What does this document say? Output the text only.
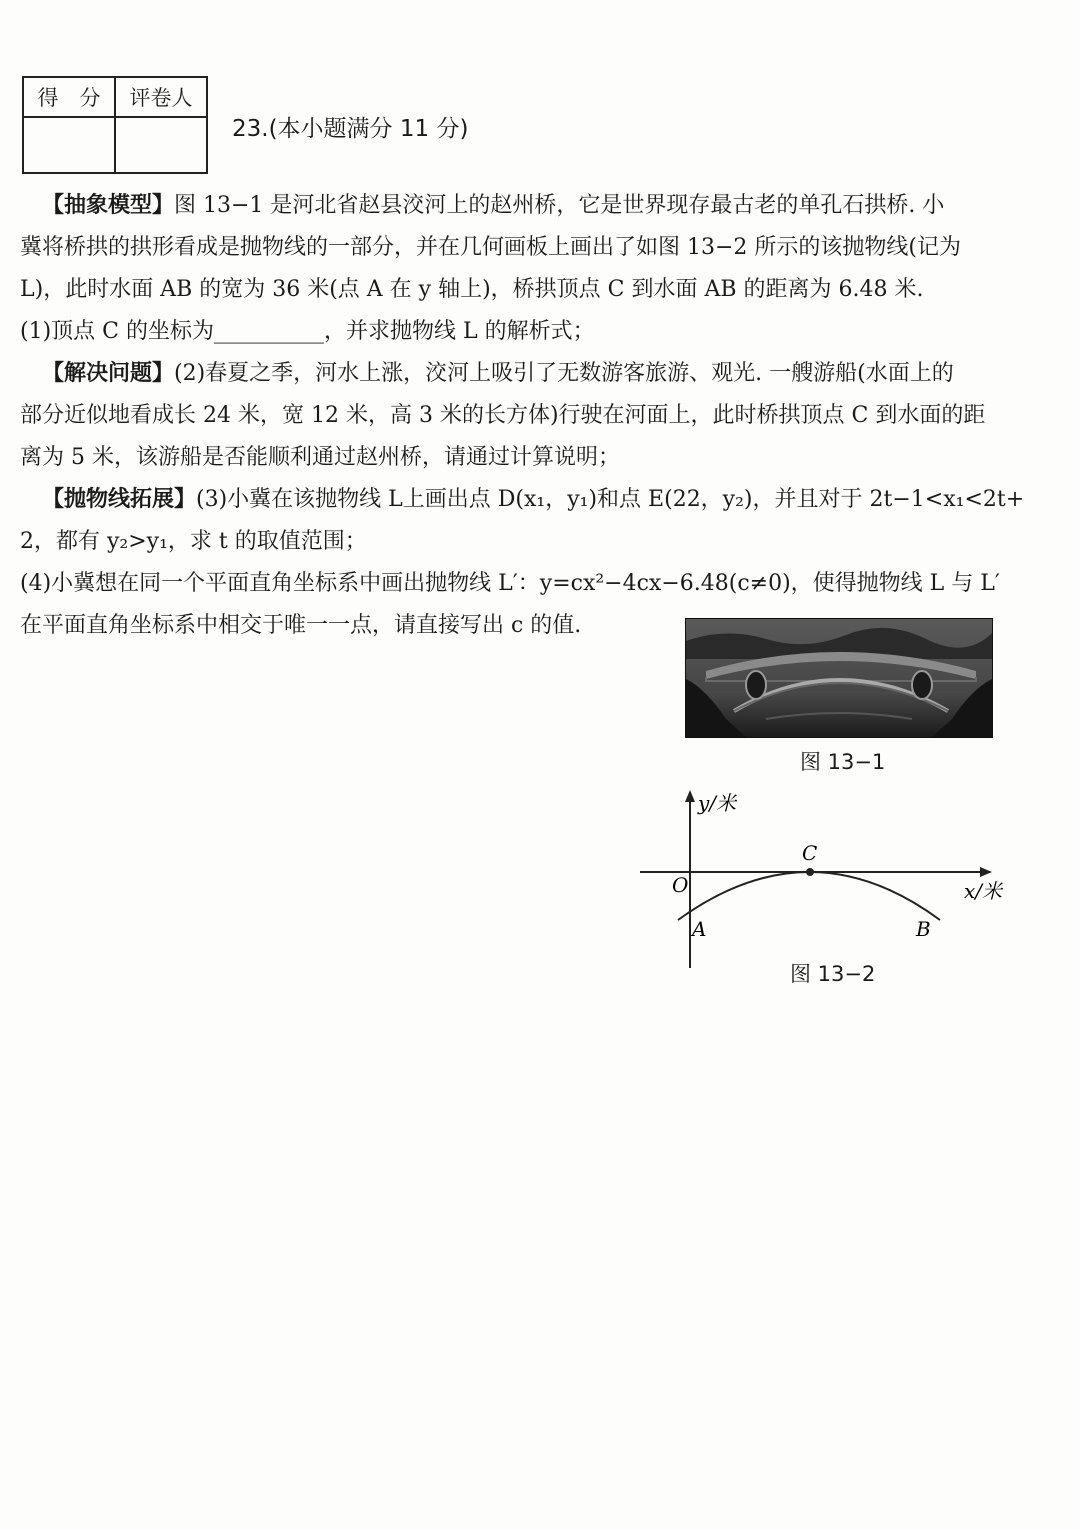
得　分	评卷人

23.(本小题满分 11 分)
【抽象模型】图 13−1 是河北省赵县洨河上的赵州桥，它是世界现存最古老的单孔石拱桥. 小
冀将桥拱的拱形看成是抛物线的一部分，并在几何画板上画出了如图 13−2 所示的该抛物线(记为
L)，此时水面 AB 的宽为 36 米(点 A 在 y 轴上)，桥拱顶点 C 到水面 AB 的距离为 6.48 米.
(1)顶点 C 的坐标为__________，并求抛物线 L 的解析式；
【解决问题】(2)春夏之季，河水上涨，洨河上吸引了无数游客旅游、观光. 一艘游船(水面上的
部分近似地看成长 24 米，宽 12 米，高 3 米的长方体)行驶在河面上，此时桥拱顶点 C 到水面的距
离为 5 米，该游船是否能顺利通过赵州桥，请通过计算说明；
【抛物线拓展】(3)小冀在该抛物线 L上画出点 D(x₁，y₁)和点 E(22，y₂)，并且对于 2t−1<x₁<2t+
2，都有 y₂>y₁，求 t 的取值范围；
(4)小冀想在同一个平面直角坐标系中画出抛物线 L′：y=cx²−4cx−6.48(c≠0)，使得抛物线 L 与 L′
在平面直角坐标系中相交于唯一一点，请直接写出 c 的值.
图 13−1
y/米
x/米
O
C
A	B
图 13−2
